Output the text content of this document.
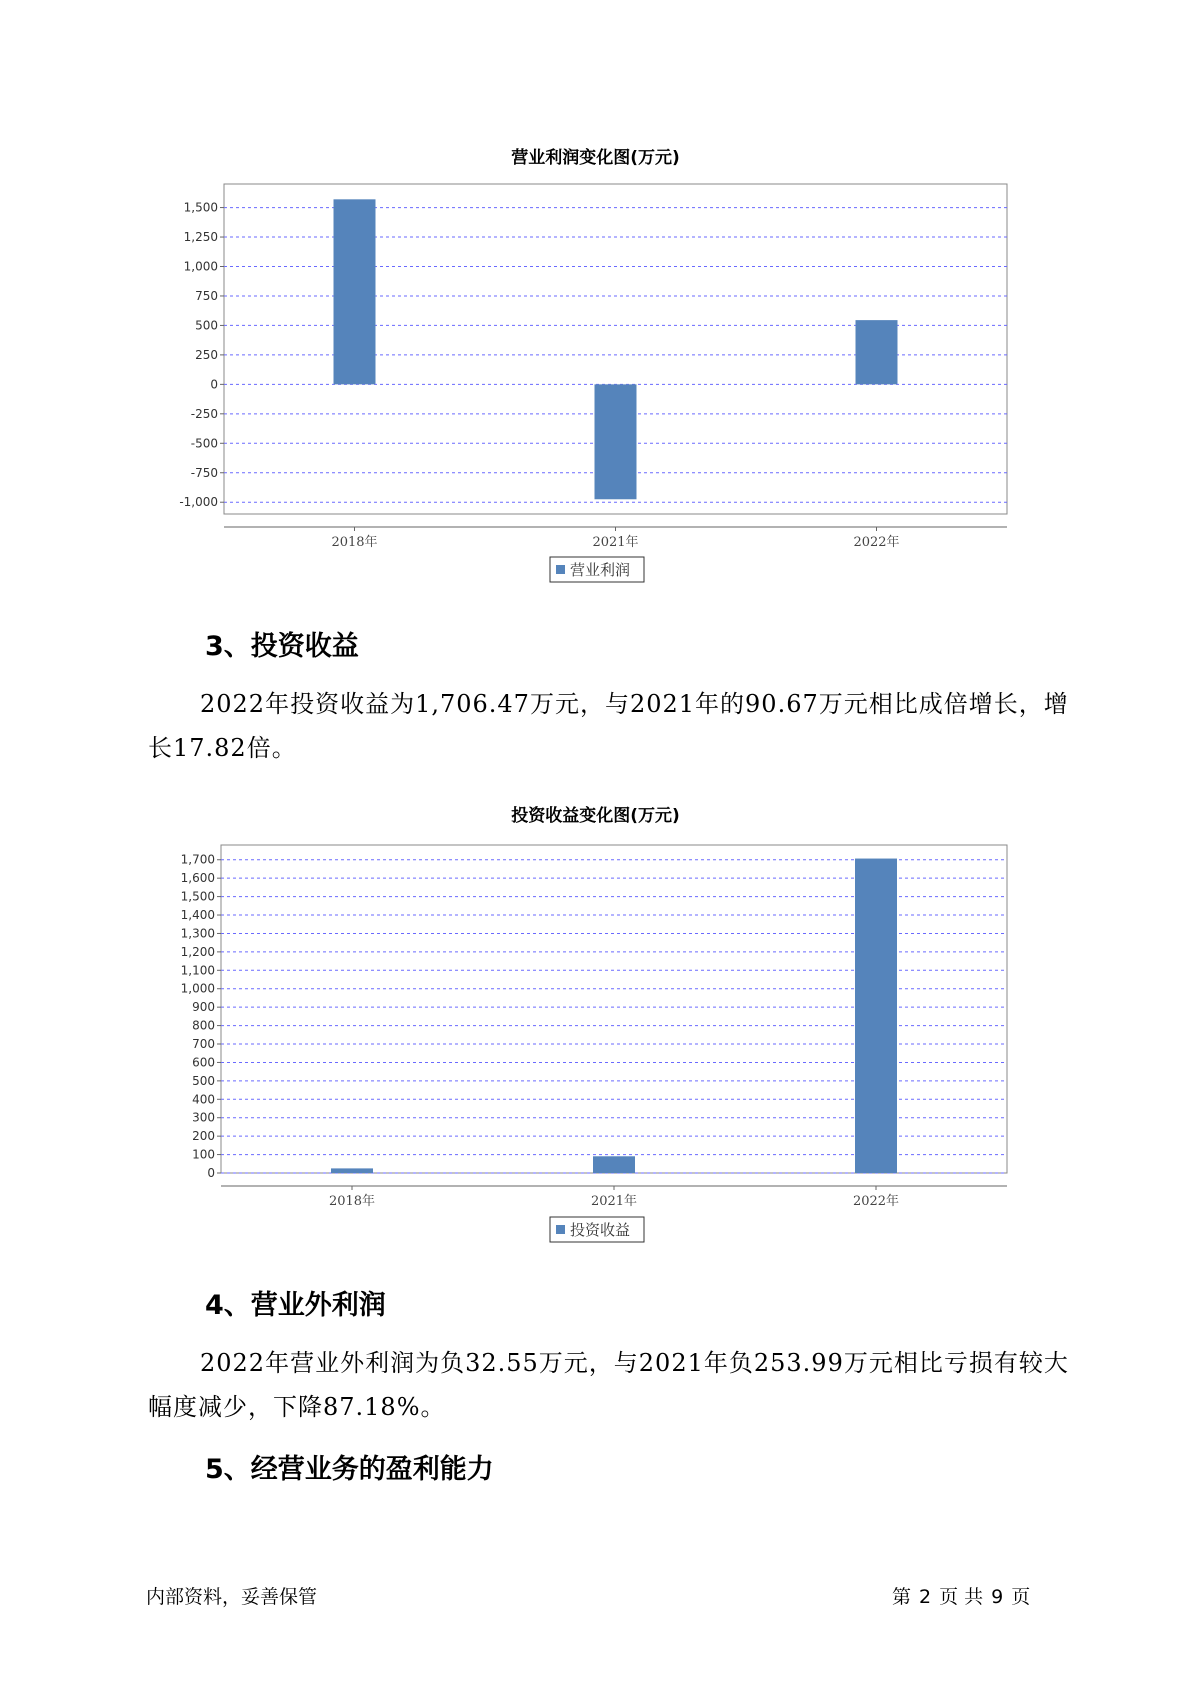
营业利润变化图(万元)
1,500
1,250
1,000
750
500
250
0
-250
-500
-750
-1,000
2018年	2021年	2022年
营业利润
3、投资收益

2022年投资收益为1,706.47万元，与2021年的90.67万元相比成倍增长，增长17.82倍。

投资收益变化图(万元)
1,700
1,600
1,500
1,400
1,300
1,200
1,100
1,000
900
800
700
600
500
400
300
200
100
0
2018年	2021年	2022年
投资收益
4、营业外利润

2022年营业外利润为负32.55万元，与2021年负253.99万元相比亏损有较大幅度减少，下降87.18%。

5、经营业务的盈利能力
内部资料，妥善保管	第 2 页 共 9 页
